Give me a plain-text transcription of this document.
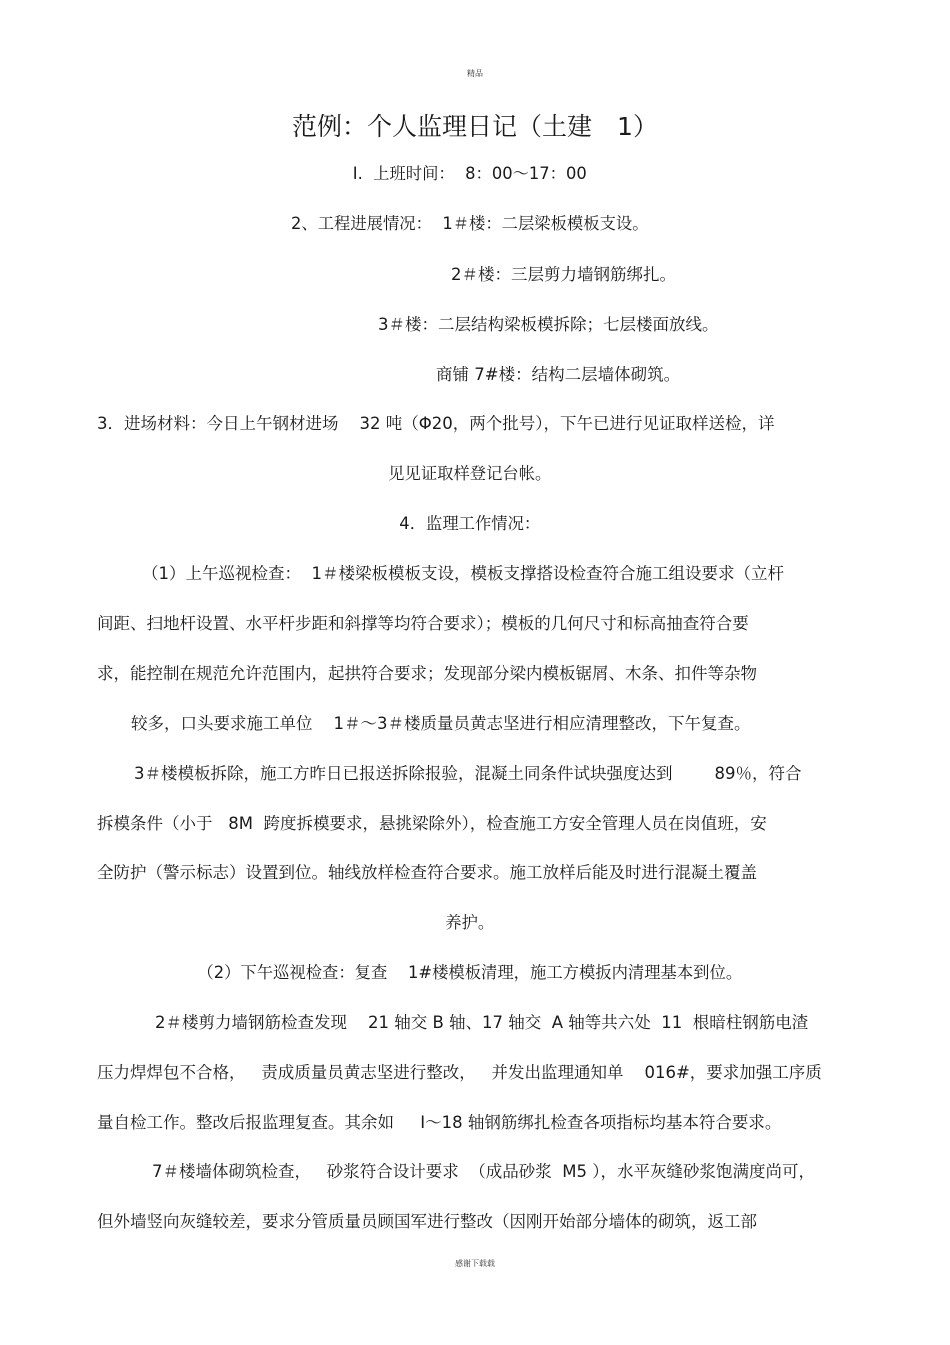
精品
范例：个人监理日记（土建　1）
I.  上班时间：  8：00～17：00
2、工程进展情况：  1＃楼：二层梁板模板支设。
2＃楼：三层剪力墙钢筋绑扎。
3＃楼：二层结构梁板模拆除；七层楼面放线。
商铺 7#楼：结构二层墙体砌筑。
3．进场材料：今日上午钢材进场    32 吨（Φ20，两个批号），下午已进行见证取样送检，详
见见证取样登记台帐。
4．监理工作情况：
（1）上午巡视检查：  1＃楼梁板模板支设，模板支撑搭设检查符合施工组设要求（立杆
间距、扫地杆设置、水平杆步距和斜撑等均符合要求）；模板的几何尺寸和标高抽查符合要
求，能控制在规范允许范围内，起拱符合要求；发现部分梁内模板锯屑、木条、扣件等杂物
较多，口头要求施工单位    1＃～3＃楼质量员黄志坚进行相应清理整改，下午复查。
3＃楼模板拆除，施工方昨日已报送拆除报验，混凝土同条件试块强度达到        89％，符合
拆模条件（小于   8M  跨度拆模要求，悬挑梁除外），检查施工方安全管理人员在岗值班，安
全防护（警示标志）设置到位。轴线放样检查符合要求。施工放样后能及时进行混凝土覆盖
养护。
（2）下午巡视检查：复查    1#楼模板清理，施工方模扳内清理基本到位。
2＃楼剪力墙钢筋检查发现    21 轴交 B 轴、17 轴交  A 轴等共六处  11  根暗柱钢筋电渣
压力焊焊包不合格，   责成质量员黄志坚进行整改，   并发出监理通知单    016#，要求加强工序质
量自检工作。整改后报监理复查。其余如     I～18 轴钢筋绑扎检查各项指标均基本符合要求。
7＃楼墙体砌筑检查，   砂浆符合设计要求  （成品砂浆  M5 ），水平灰缝砂浆饱满度尚可，
但外墙竖向灰缝较差，要求分管质量员顾国军进行整改（因刚开始部分墙体的砌筑，返工部
感谢下载载
